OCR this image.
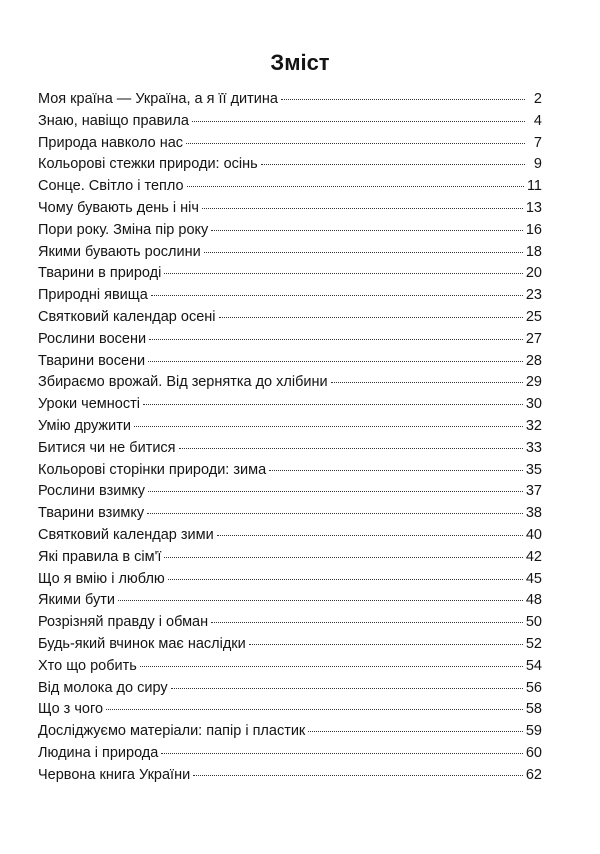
Зміст
Моя країна — Україна, а я її дитина	2
Знаю, навіщо правила	4
Природа навколо нас	7
Кольорові стежки природи: осінь	9
Сонце. Світло і тепло	11
Чому бувають день і ніч	13
Пори року. Зміна пір року	16
Якими бувають рослини	18
Тварини в природі	20
Природні явища	23
Святковий календар осені	25
Рослини восени	27
Тварини восени	28
Збираємо врожай. Від зернятка до хлібини	29
Уроки чемності	30
Умію дружити	32
Битися чи не битися	33
Кольорові сторінки природи: зима	35
Рослини взимку	37
Тварини взимку	38
Святковий календар зими	40
Які правила в сім'ї	42
Що я вмію і люблю	45
Якими бути	48
Розрізняй правду і обман	50
Будь-який вчинок має наслідки	52
Хто що робить	54
Від молока до сиру	56
Що з чого	58
Досліджуємо матеріали: папір і пластик	59
Людина і природа	60
Червона книга України	62
